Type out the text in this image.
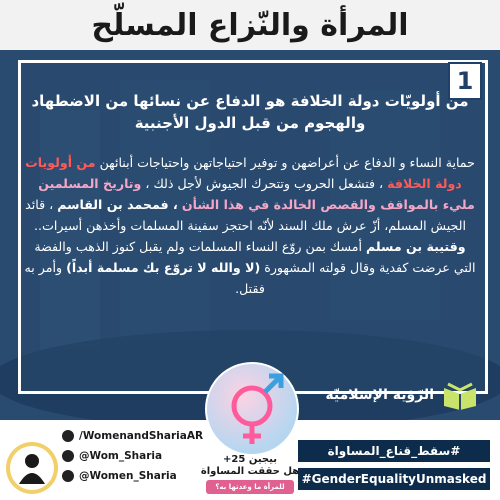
المرأة والنّزاع المسلّح
1
من أولويّات دولة الخلافة هو الدفاع عن نسائها من الاضطهاد والهجوم من قبل الدول الأجنبية
حماية النساء و الدفاع عن أعراضهن و توفير احتياجاتهن واحتياجات أبنائهن من أولويات دولة الخلافة ، فتشعل الحروب وتتحرك الجيوش لأجل ذلك ، وتاريخ المسلمين مليء بالمواقف والقصص الخالدة في هذا الشأن ، فمحمد بن القاسم ، قائد الجيش المسلم، أزّ عرش ملك السند لأنّه احتجز سفينة المسلمات وأخذهن أسيرات.. وقتيبة بن مسلم أمسك بمن روّع النساء المسلمات ولم يقبل كنوز الذهب والفضة التي عرضت كفدية وقال قولته المشهورة (لا والله لا تروّع بك مسلمة أبداً) وأمر به فقتل.
الرّؤية الإسلاميّة
/WomenandShariaAR
@Wom_Sharia
@Women_Sharia
#سقط_قناع_المساواة
#GenderEqualityUnmasked
بيجين 25+
هل حققت المساواة
للمرأة ما وعدتها به؟
